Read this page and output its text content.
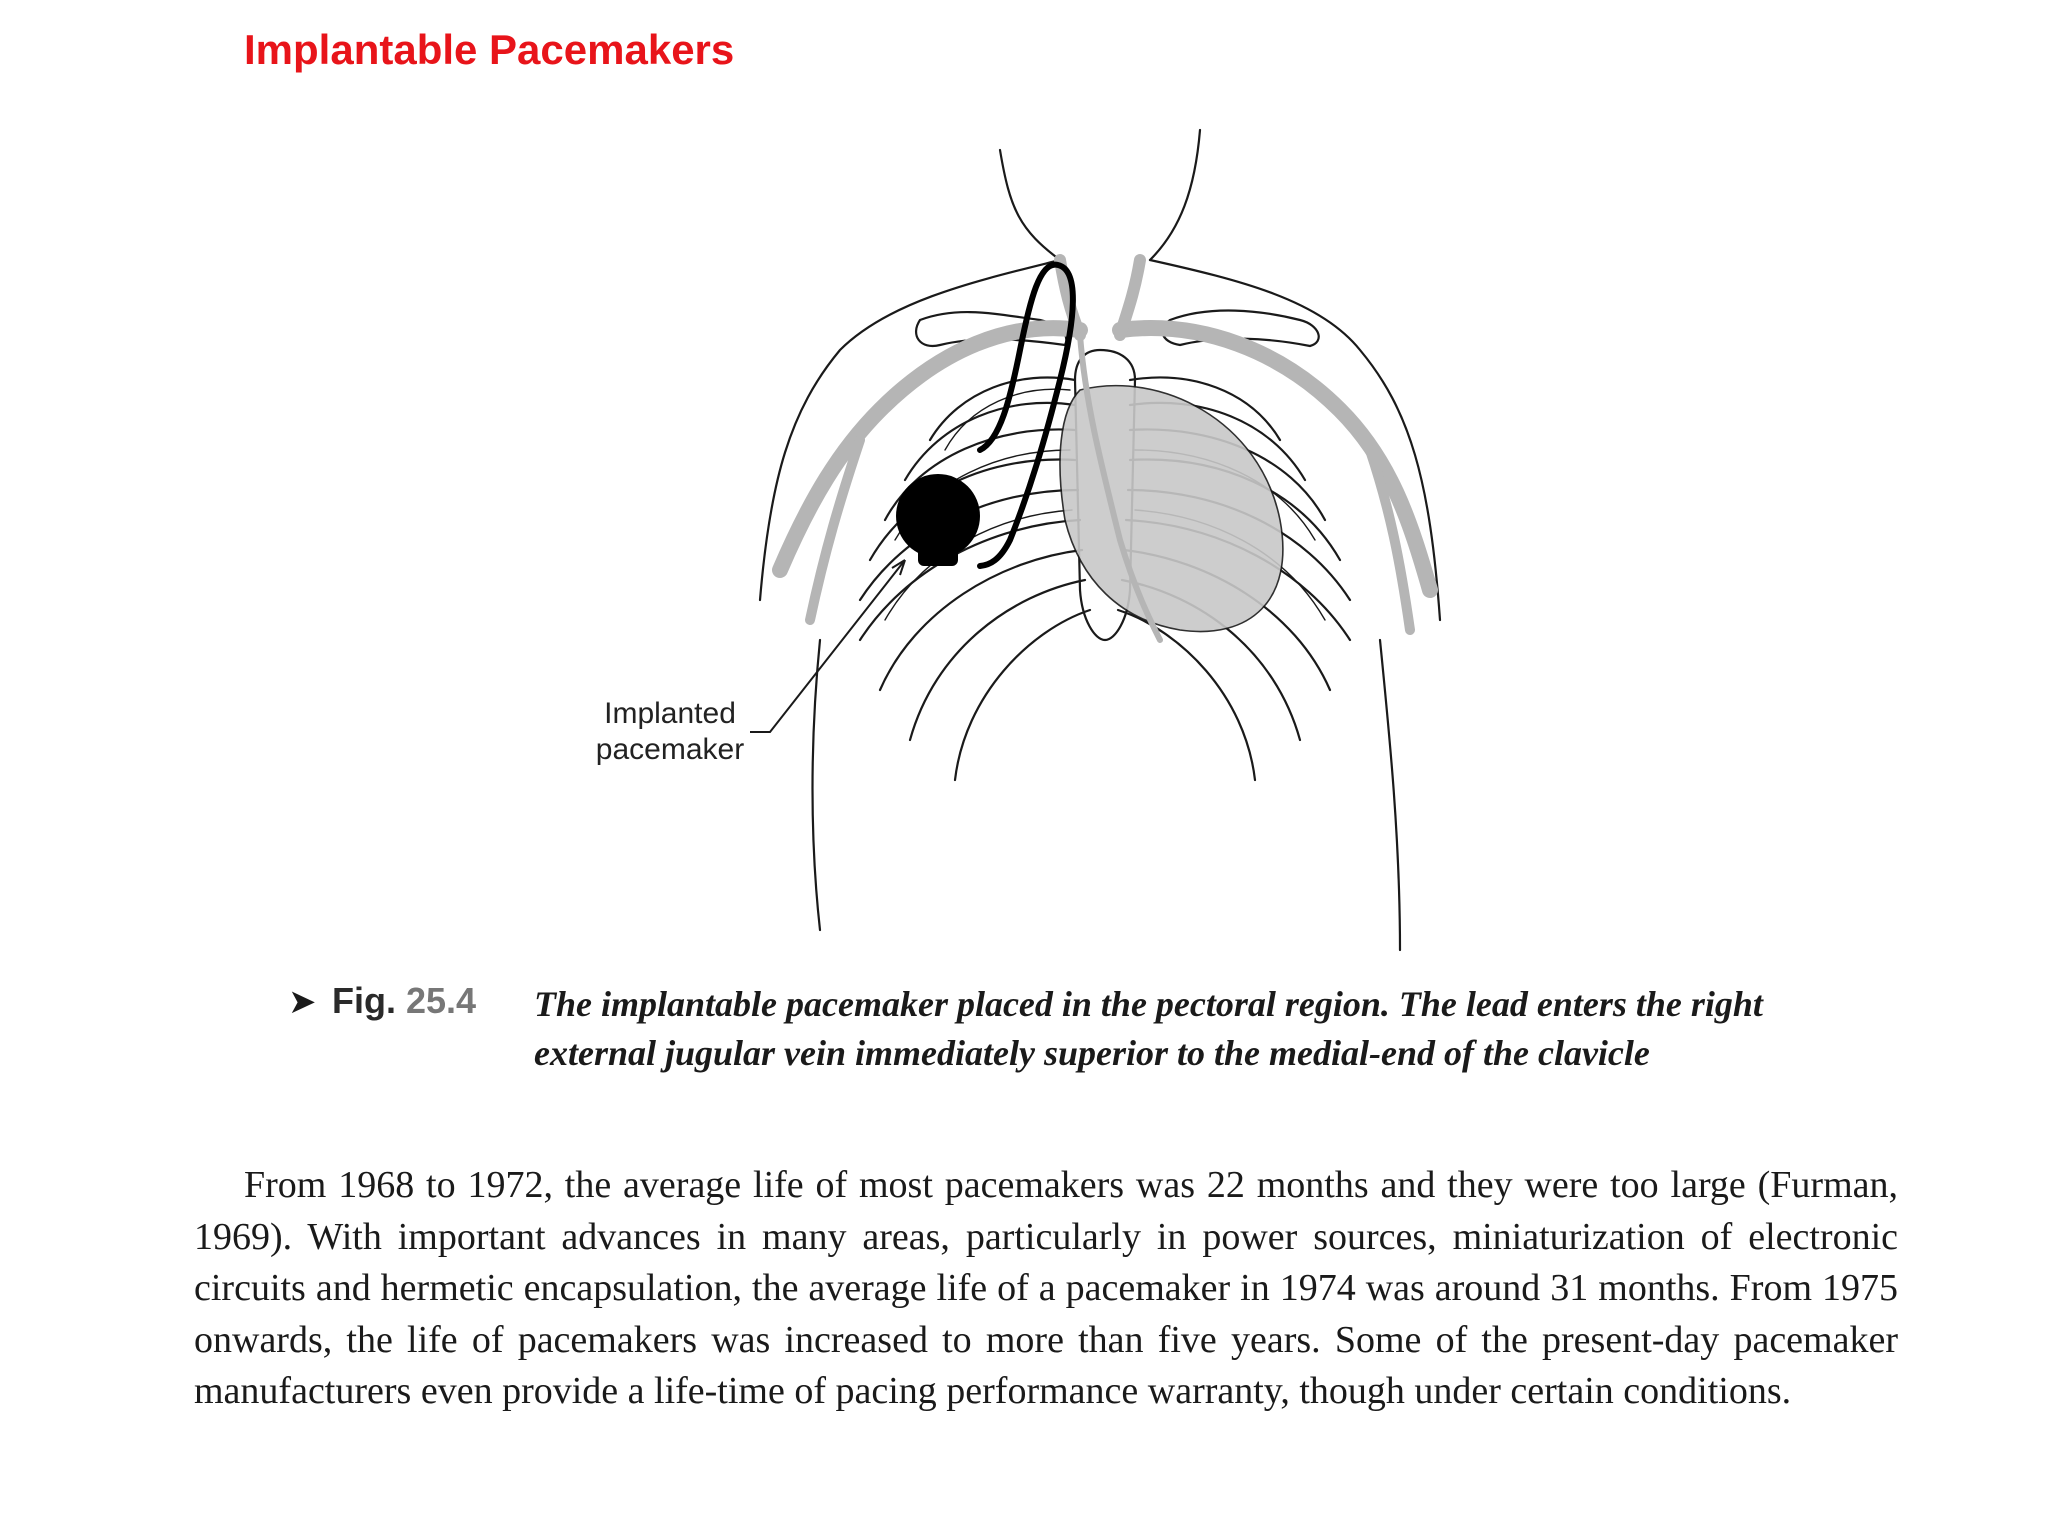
Implantable Pacemakers
Implanted pacemaker
➤ Fig. 25.4 The implantable pacemaker placed in the pectoral region. The lead enters the right external jugular vein immediately superior to the medial-end of the clavicle

From 1968 to 1972, the average life of most pacemakers was 22 months and they were too large (Furman, 1969). With important advances in many areas, particularly in power sources, miniaturization of electronic circuits and hermetic encapsulation, the average life of a pacemaker in 1974 was around 31 months. From 1975 onwards, the life of pacemakers was increased to more than five years. Some of the present-day pacemaker manufacturers even provide a life-time of pacing performance warranty, though under certain conditions.
